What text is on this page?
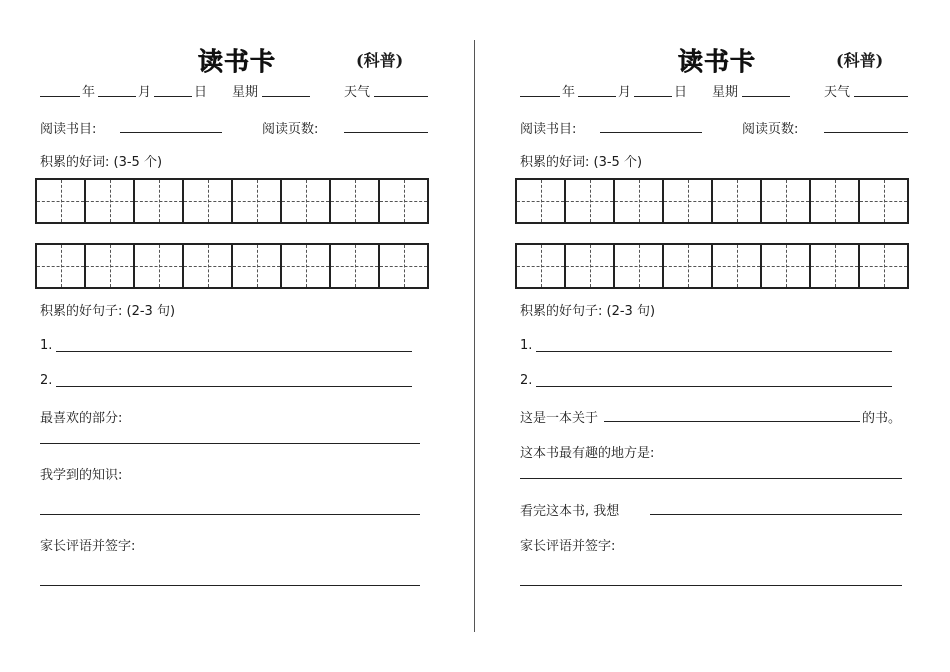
读书卡	(科普)
年	月	日 星期	天气
阅读书目:	阅读页数:
积累的好词: (3-5 个)
积累的好句子: (2-3 句)
1.
2.
最喜欢的部分:
我学到的知识:
家长评语并签字:
读书卡	(科普)
年	月	日 星期	天气
阅读书目:	阅读页数:
积累的好词: (3-5 个)
积累的好句子: (2-3 句)
1.
2.
这是一本关于	的书。
这本书最有趣的地方是:
看完这本书, 我想
家长评语并签字:
